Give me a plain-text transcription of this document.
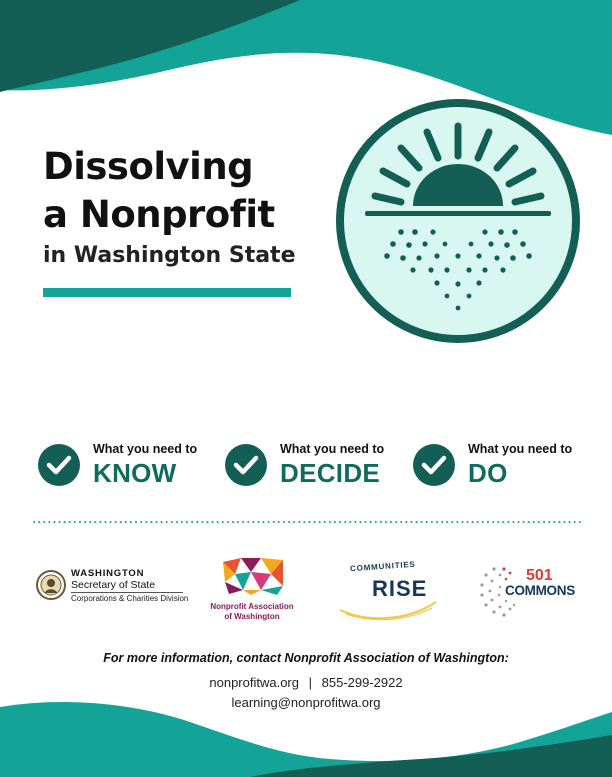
Dissolving
a Nonprofit
in Washington State
What you need to
KNOW
What you need to
DECIDE
What you need to
DO
WASHINGTON
Secretary of State
Corporations & Charities Division
Nonprofit Association
of Washington
COMMUNITIES
RISE
501
COMMONS
For more information, contact Nonprofit Association of Washington:
nonprofitwa.org | 855-299-2922
learning@nonprofitwa.org
